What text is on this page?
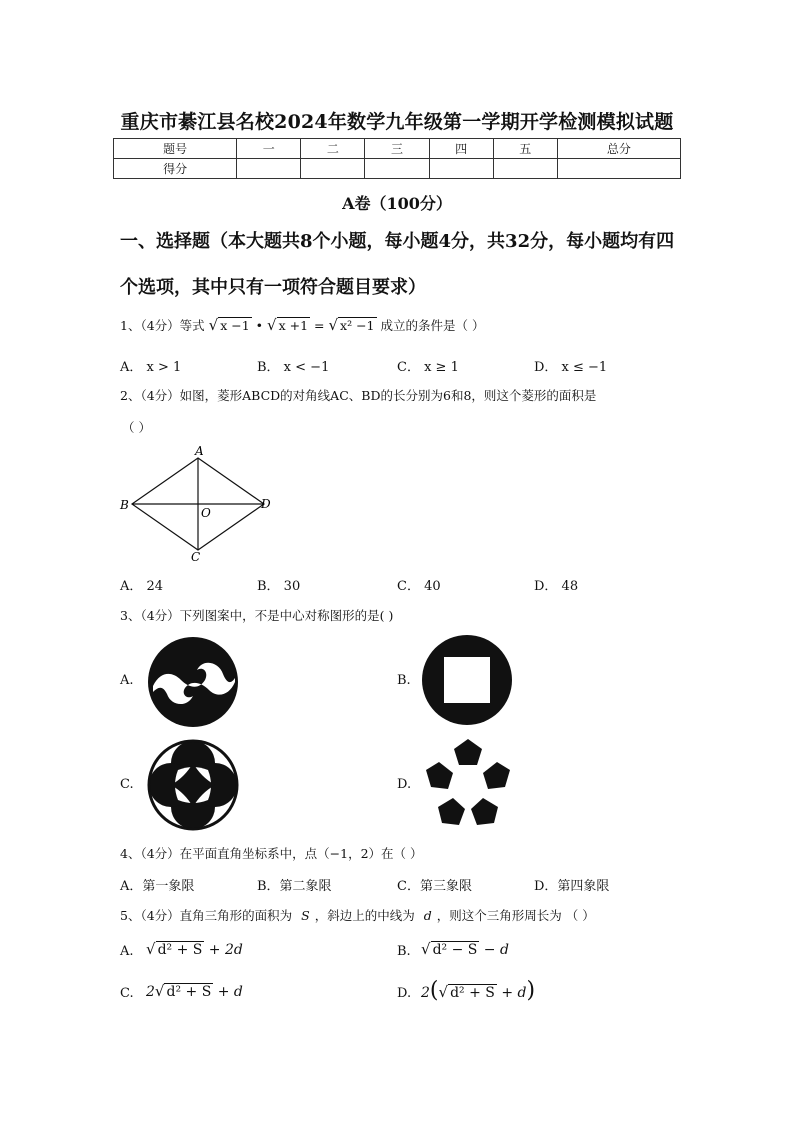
重庆市綦江县名校2024年数学九年级第一学期开学检测模拟试题
题号	一	二	三	四	五	总分
得分						
A卷（100分）
一、选择题（本大题共8个小题，每小题4分，共32分，每小题均有四个选项，其中只有一项符合题目要求）
1、（4分）等式 √ x −1 • √ x +1 = √ x² −1 成立的条件是（ ）
A． x > 1	B． x < −1	C． x ≥ 1	D． x ≤ −1
2、（4分）如图，菱形ABCD的对角线AC、BD的长分别为6和8，则这个菱形的面积是
（ ）
A
B
C
D
O
A． 24	B． 30	C． 40	D． 48
3、（4分）下列图案中，不是中心对称图形的是( )
A.	B.
C.	D.
4、（4分）在平面直角坐标系中，点（−1，2）在（ ）
A．第一象限	B．第二象限	C．第三象限	D．第四象限
5、（4分）直角三角形的面积为 S ，斜边上的中线为 d ，则这个三角形周长为 （ ）
A. √ d² + S + 2d	B. √ d² − S − d
C. 2√ d² + S + d	D. 2(√ d² + S + d)
